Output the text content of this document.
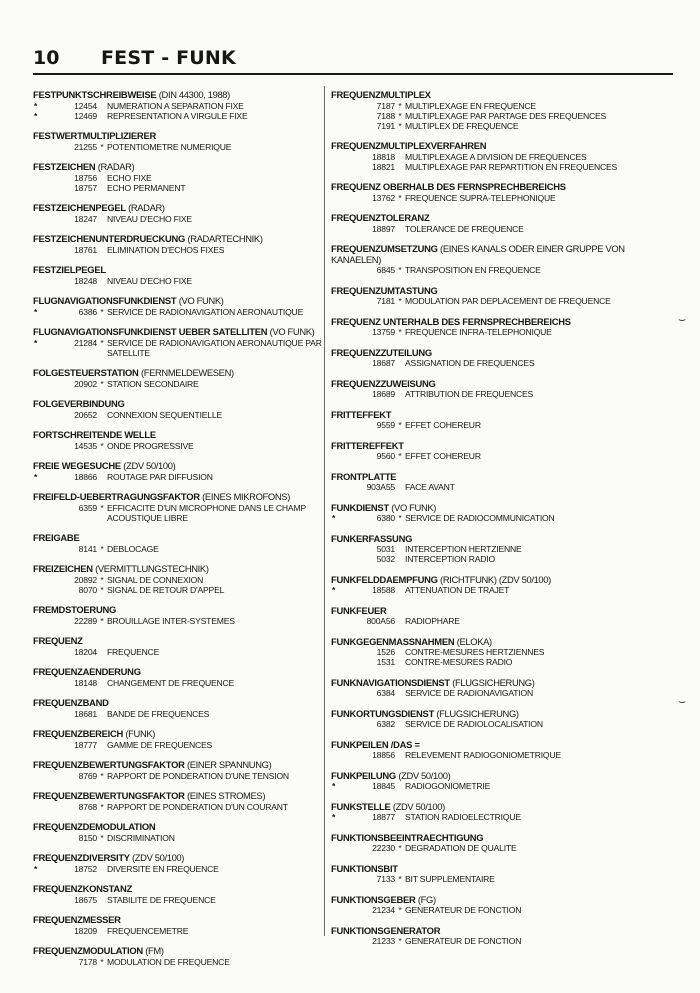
10 FEST - FUNK
FESTPUNKTSCHREIBWEISE (DIN 44300, 1988)
*	12454 NUMERATION A SEPARATION FIXE
*	12469 REPRESENTATION A VIRGULE FIXE
FESTWERTMULTIPLIZIERER
21255 * POTENTIOMETRE NUMERIQUE
FESTZEICHEN (RADAR)
18756 ECHO FIXE
18757 ECHO PERMANENT
FESTZEICHENPEGEL (RADAR)
18247 NIVEAU D'ECHO FIXE
FESTZEICHENUNTERDRUECKUNG (RADARTECHNIK)
18761 ELIMINATION D'ECHOS FIXES
FESTZIELPEGEL
18248 NIVEAU D'ECHO FIXE
FLUGNAVIGATIONSFUNKDIENST (VO FUNK)
*	6386 * SERVICE DE RADIONAVIGATION AERONAUTIQUE
FLUGNAVIGATIONSFUNKDIENST UEBER SATELLITEN (VO FUNK)
*	21284 * SERVICE DE RADIONAVIGATION AERONAUTIQUE PAR SATELLITE
FOLGESTEUERSTATION (FERNMELDEWESEN)
20902 * STATION SECONDAIRE
FOLGEVERBINDUNG
20652 CONNEXION SEQUENTIELLE
FORTSCHREITENDE WELLE
14535 * ONDE PROGRESSIVE
FREIE WEGESUCHE (ZDV 50/100)
*	18866 ROUTAGE PAR DIFFUSION
FREIFELD-UEBERTRAGUNGSFAKTOR (EINES MIKROFONS)
6359 * EFFICACITE D'UN MICROPHONE DANS LE CHAMP ACOUSTIQUE LIBRE
FREIGABE
8141 * DEBLOCAGE
FREIZEICHEN (VERMITTLUNGSTECHNIK)
20892 * SIGNAL DE CONNEXION
8070 * SIGNAL DE RETOUR D'APPEL
FREMDSTOERUNG
22289 * BROUILLAGE INTER-SYSTEMES
FREQUENZ
18204 FREQUENCE
FREQUENZAENDERUNG
18148 CHANGEMENT DE FREQUENCE
FREQUENZBAND
18681 BANDE DE FREQUENCES
FREQUENZBEREICH (FUNK)
18777 GAMME DE FREQUENCES
FREQUENZBEWERTUNGSFAKTOR (EINER SPANNUNG)
8769 * RAPPORT DE PONDERATION D'UNE TENSION
FREQUENZBEWERTUNGSFAKTOR (EINES STROMES)
8768 * RAPPORT DE PONDERATION D'UN COURANT
FREQUENZDEMODULATION
8150 * DISCRIMINATION
FREQUENZDIVERSITY (ZDV 50/100)
*	18752 DIVERSITE EN FREQUENCE
FREQUENZKONSTANZ
18675 STABILITE DE FREQUENCE
FREQUENZMESSER
18209 FREQUENCEMETRE
FREQUENZMODULATION (FM)
7178 * MODULATION DE FREQUENCE
FREQUENZMULTIPLEX
7187 * MULTIPLEXAGE EN FREQUENCE
7188 * MULTIPLEXAGE PAR PARTAGE DES FREQUENCES
7191 * MULTIPLEX DE FREQUENCE
FREQUENZMULTIPLEXVERFAHREN
18818 MULTIPLEXAGE A DIVISION DE FREQUENCES
18821 MULTIPLEXAGE PAR REPARTITION EN FREQUENCES
FREQUENZ OBERHALB DES FERNSPRECHBEREICHS
13762 * FREQUENCE SUPRA-TELEPHONIQUE
FREQUENZTOLERANZ
18897 TOLERANCE DE FREQUENCE
FREQUENZUMSETZUNG (EINES KANALS ODER EINER GRUPPE VON KANAELEN)
6845 * TRANSPOSITION EN FREQUENCE
FREQUENZUMTASTUNG
7181 * MODULATION PAR DEPLACEMENT DE FREQUENCE
FREQUENZ UNTERHALB DES FERNSPRECHBEREICHS
13759 * FREQUENCE INFRA-TELEPHONIQUE
FREQUENZZUTEILUNG
18687 ASSIGNATION DE FREQUENCES
FREQUENZZUWEISUNG
18689 ATTRIBUTION DE FREQUENCES
FRITTEFFEKT
9559 * EFFET COHEREUR
FRITTEREFFEKT
9560 * EFFET COHEREUR
FRONTPLATTE
903A55 FACE AVANT
FUNKDIENST (VO FUNK)
*	6380 * SERVICE DE RADIOCOMMUNICATION
FUNKERFASSUNG
5031 INTERCEPTION HERTZIENNE
5032 INTERCEPTION RADIO
FUNKFELDDAEMPFUNG (RICHTFUNK) (ZDV 50/100)
*	18588 ATTENUATION DE TRAJET
FUNKFEUER
800A56 RADIOPHARE
FUNKGEGENMASSNAHMEN (ELOKA)
1526 CONTRE-MESURES HERTZIENNES
1531 CONTRE-MESURES RADIO
FUNKNAVIGATIONSDIENST (FLUGSICHERUNG)
6384 SERVICE DE RADIONAVIGATION
FUNKORTUNGSDIENST (FLUGSICHERUNG)
6382 SERVICE DE RADIOLOCALISATION
FUNKPEILEN /DAS =
18856 RELEVEMENT RADIOGONIOMETRIQUE
FUNKPEILUNG (ZDV 50/100)
*	18845 RADIOGONIOMETRIE
FUNKSTELLE (ZDV 50/100)
*	18877 STATION RADIOELECTRIQUE
FUNKTIONSBEEINTRAECHTIGUNG
22230 * DEGRADATION DE QUALITE
FUNKTIONSBIT
7133 * BIT SUPPLEMENTAIRE
FUNKTIONSGEBER (FG)
21234 * GENERATEUR DE FONCTION
FUNKTIONSGENERATOR
21233 * GENERATEUR DE FONCTION
⌣
⌣
